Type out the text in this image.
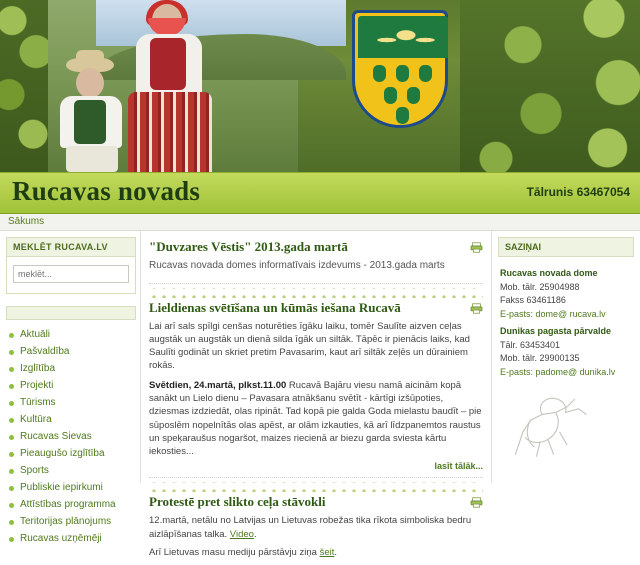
Rucavas novads	Tālrunis 63467054
Sākums
MEKLĒT RUCAVA.LV
meklēt...
Aktuāli
Pašvaldība
Izglītība
Projekti
Tūrisms
Kultūra
Rucavas Sievas
Pieaugušo izglītība
Sports
Publiskie iepirkumi
Attīstības programma
Teritorijas plānojums
Rucavas uzņēmēji
"Duvzares Vēstis" 2013.gada martā
Rucavas novada domes informatīvais izdevums - 2013.gada marts
Lieldienas svētīšana un kūmās iešana Rucavā
Lai arī sals spīlgi cenšas noturēties īgāku laiku, tomēr Saulīte aizven ceļas augstāk un augstāk un dienā silda īgāk un siltāk. Tāpēc ir pienācis laiks, kad Saulīti godināt un skriet pretim Pavasarim, kaut arī siltāk zeļēs un dūrainiem rokās.
Svētdien, 24.martā, plkst.11.00 Rucavā Bajāru viesu namā aicinām kopā sanākt un Lielo dienu – Pavasara atnākšanu svētīt - kārtīgi izšūpoties, dziesmas izdziedāt, olas ripināt. Tad kopā pie galda Goda mielastu baudīt – pie sūposlēm nopelnītās olas apēst, ar olām izkauties, kā arī līdzpanemtos raustus un speķaraušus nogaršot, maizes riecienā ar biezu garda sviesta kārtu iekosties...
lasīt tālāk...
Protestē pret slikto ceļa stāvokli
12.martā, netālu no Latvijas un Lietuvas robežas tika rīkota simboliska bedru aizlāpīšanas talka. Video.
Arī Lietuvas masu mediju pārstāvju ziņa šeit.
SAZIŅAI
Rucavas novada dome
Mob. tālr. 25904988
Fakss 63461186
E-pasts: dome@ rucava.lv
Dunikas pagasta pārvalde
Tālr. 63453401
Mob. tālr. 29900135
E-pasts: padome@ dunika.lv
